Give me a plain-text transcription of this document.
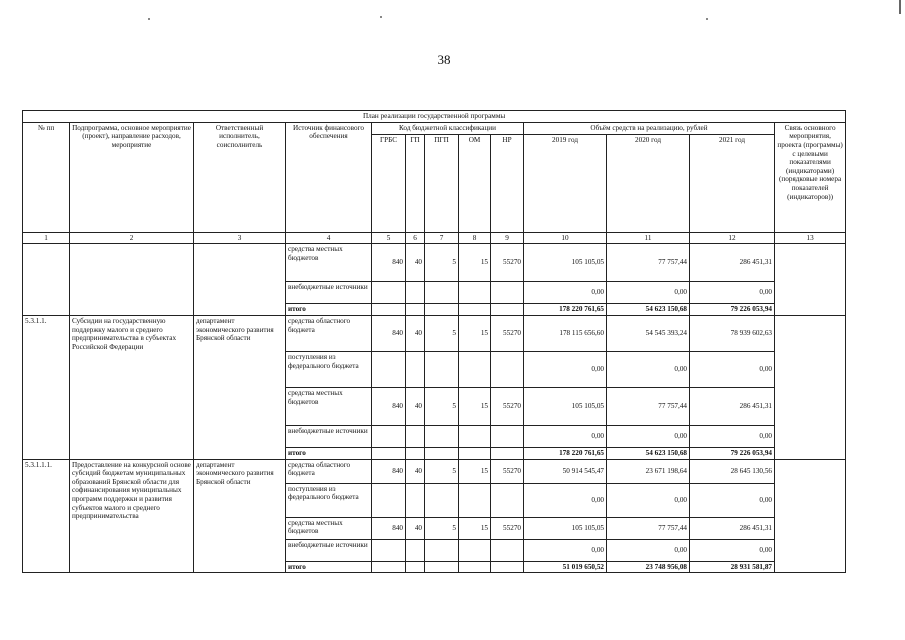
38
План реализации государственной программы												
№ пп	Подпрограмма, основное мероприятие (проект), направление расходов, мероприятие	Ответственный исполнитель, соисполнитель	Источник финансового обеспечения	Код бюджетной классификации					Объём средств на реализацию, рублей			Связь основного мероприятия, проекта (программы) с целевыми показателями (индикаторами) (порядковые номера показателей (индикаторов))
				ГРБС	ГП	ПГП	ОМ	НР	2019 год	2020 год	2021 год	
1	2	3	4	5	6	7	8	9	10	11	12	13
			средства местных бюджетов	840	40	5	15	55270	105 105,05	77 757,44	286 451,31	
			внебюджетные источники						0,00	0,00	0,00	
			итого						178 220 761,65	54 623 150,68	79 226 053,94	
5.3.1.1.	Субсидии на государственную поддержку малого и среднего предпринимательства в субъектах Российской Федерации	департамент экономического развития Брянской области	средства областного бюджета	840	40	5	15	55270	178 115 656,60	54 545 393,24	78 939 602,63	
			поступления из федерального бюджета						0,00	0,00	0,00	
			средства местных бюджетов	840	40	5	15	55270	105 105,05	77 757,44	286 451,31	
			внебюджетные источники						0,00	0,00	0,00	
			итого						178 220 761,65	54 623 150,68	79 226 053,94	
5.3.1.1.1.	Предоставление на конкурсной основе субсидий бюджетам муниципальных образований Брянской области для софинансирования муниципальных программ поддержки и развития субъектов малого и среднего предпринимательства	департамент экономического развития Брянской области	средства областного бюджета	840	40	5	15	55270	50 914 545,47	23 671 198,64	28 645 130,56	
			поступления из федерального бюджета						0,00	0,00	0,00	
			средства местных бюджетов	840	40	5	15	55270	105 105,05	77 757,44	286 451,31	
			внебюджетные источники						0,00	0,00	0,00	
			итого						51 019 650,52	23 748 956,08	28 931 581,87	
